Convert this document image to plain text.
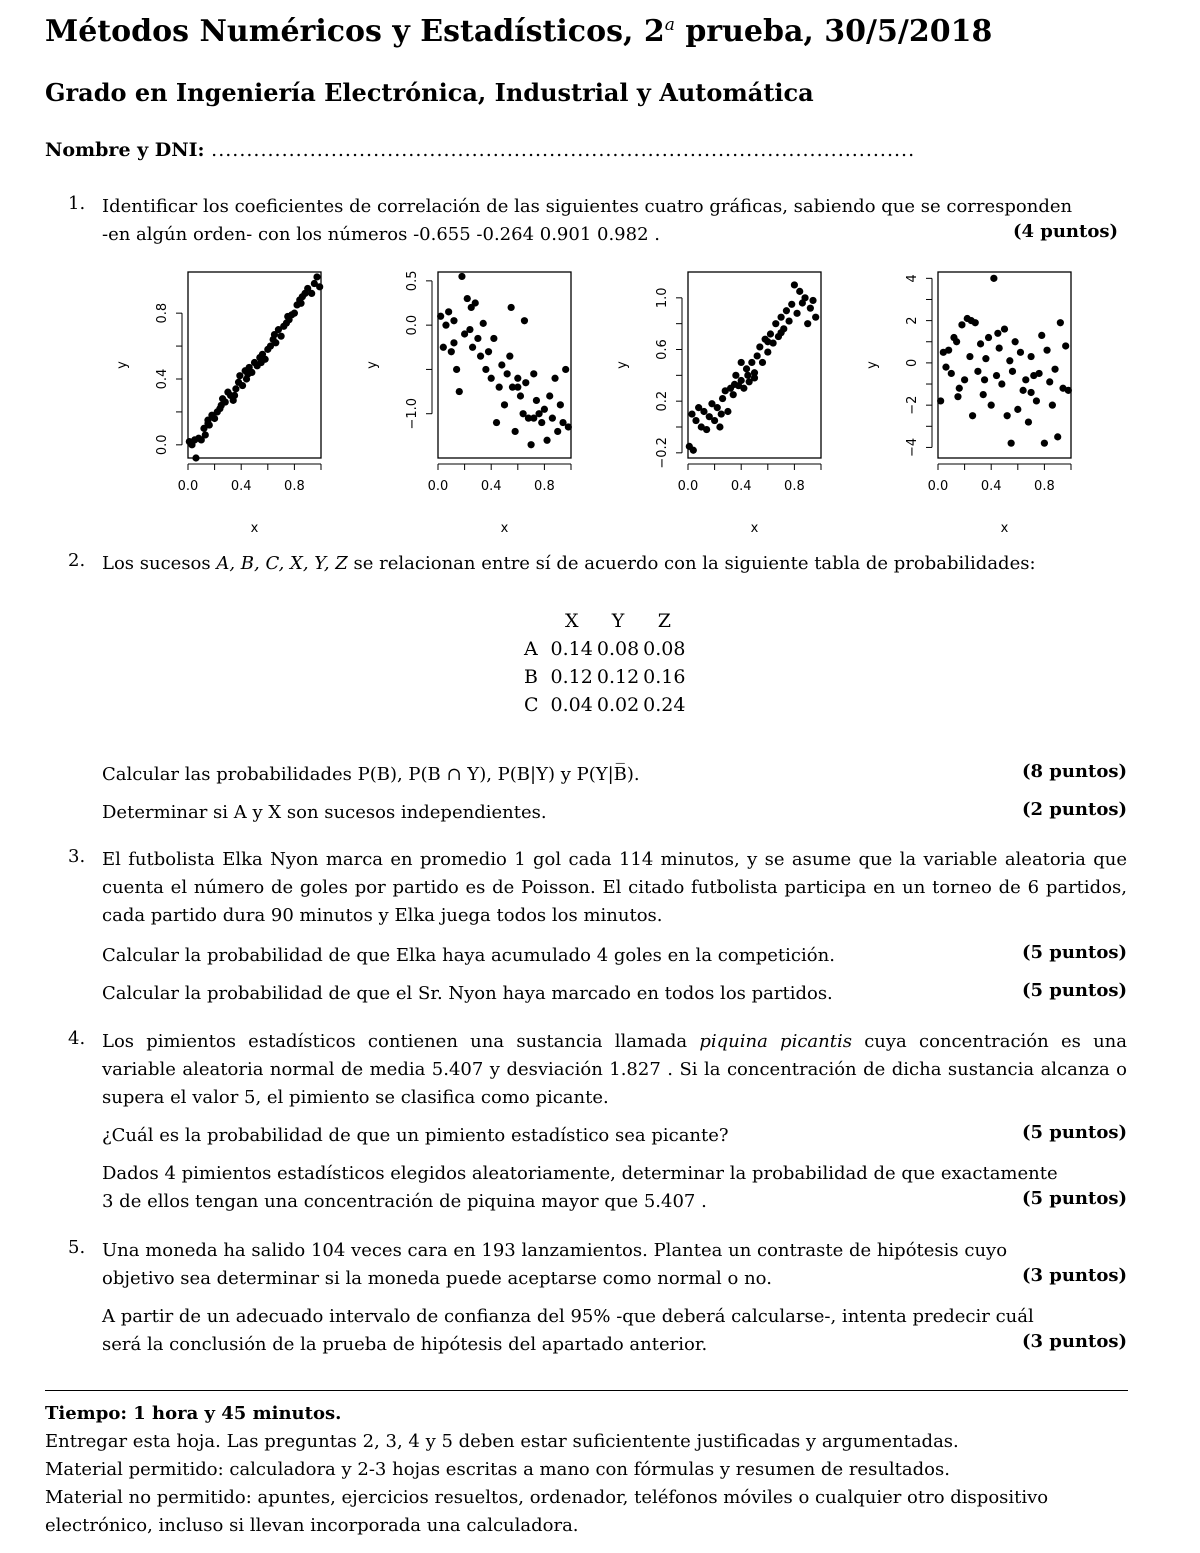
Métodos Numéricos y Estadísticos, 2$^a$ prueba, 30/5/2018
Grado en Ingeniería Electrónica, Industrial y Automática
Nombre y DNI: ....................................................................................................
1. Identificar los coeficientes de correlación de las siguientes cuatro gráficas, sabiendo que se corresponden
-en algún orden- con los números -0.655 -0.264 0.901 0.982 .	(4 puntos)
0.0	0.4	0.8
x
0.0
0.4
0.8
y
0.0	0.4	0.8
x
−1.0
0.0
0.5
y
0.0	0.4	0.8
x
−0.2
0.2
0.6
1.0
y
0.0	0.4	0.8
x
−4
−2
0
2
4
y
2. Los sucesos A, B, C, X, Y, Z se relacionan entre sí de acuerdo con la siguiente tabla de probabilidades:
	X	Y	Z
A	0.14	0.08	0.08
B	0.12	0.12	0.16
C	0.04	0.02	0.24
Calcular las probabilidades P(B), P(B ∩ Y), P(B|Y) y P(Y|B̅).	(8 puntos)
Determinar si A y X son sucesos independientes.	(2 puntos)
3. El futbolista Elka Nyon marca en promedio 1 gol cada 114 minutos, y se asume que la variable aleatoria que cuenta el número de goles por partido es de Poisson. El citado futbolista participa en un torneo de 6 partidos, cada partido dura 90 minutos y Elka juega todos los minutos.
Calcular la probabilidad de que Elka haya acumulado 4 goles en la competición.	(5 puntos)
Calcular la probabilidad de que el Sr. Nyon haya marcado en todos los partidos.	(5 puntos)
4. Los pimientos estadísticos contienen una sustancia llamada piquina picantis cuya concentración es una variable aleatoria normal de media 5.407 y desviación 1.827 . Si la concentración de dicha sustancia alcanza o supera el valor 5, el pimiento se clasifica como picante.
¿Cuál es la probabilidad de que un pimiento estadístico sea picante?	(5 puntos)
Dados 4 pimientos estadísticos elegidos aleatoriamente, determinar la probabilidad de que exactamente
3 de ellos tengan una concentración de piquina mayor que 5.407 .	(5 puntos)
5. Una moneda ha salido 104 veces cara en 193 lanzamientos. Plantea un contraste de hipótesis cuyo
objetivo sea determinar si la moneda puede aceptarse como normal o no.	(3 puntos)
A partir de un adecuado intervalo de confianza del 95% -que deberá calcularse-, intenta predecir cuál
será la conclusión de la prueba de hipótesis del apartado anterior.	(3 puntos)
Tiempo: 1 hora y 45 minutos.
Entregar esta hoja. Las preguntas 2, 3, 4 y 5 deben estar suficientente justificadas y argumentadas.
Material permitido: calculadora y 2-3 hojas escritas a mano con fórmulas y resumen de resultados.
Material no permitido: apuntes, ejercicios resueltos, ordenador, teléfonos móviles o cualquier otro dispositivo
electrónico, incluso si llevan incorporada una calculadora.
